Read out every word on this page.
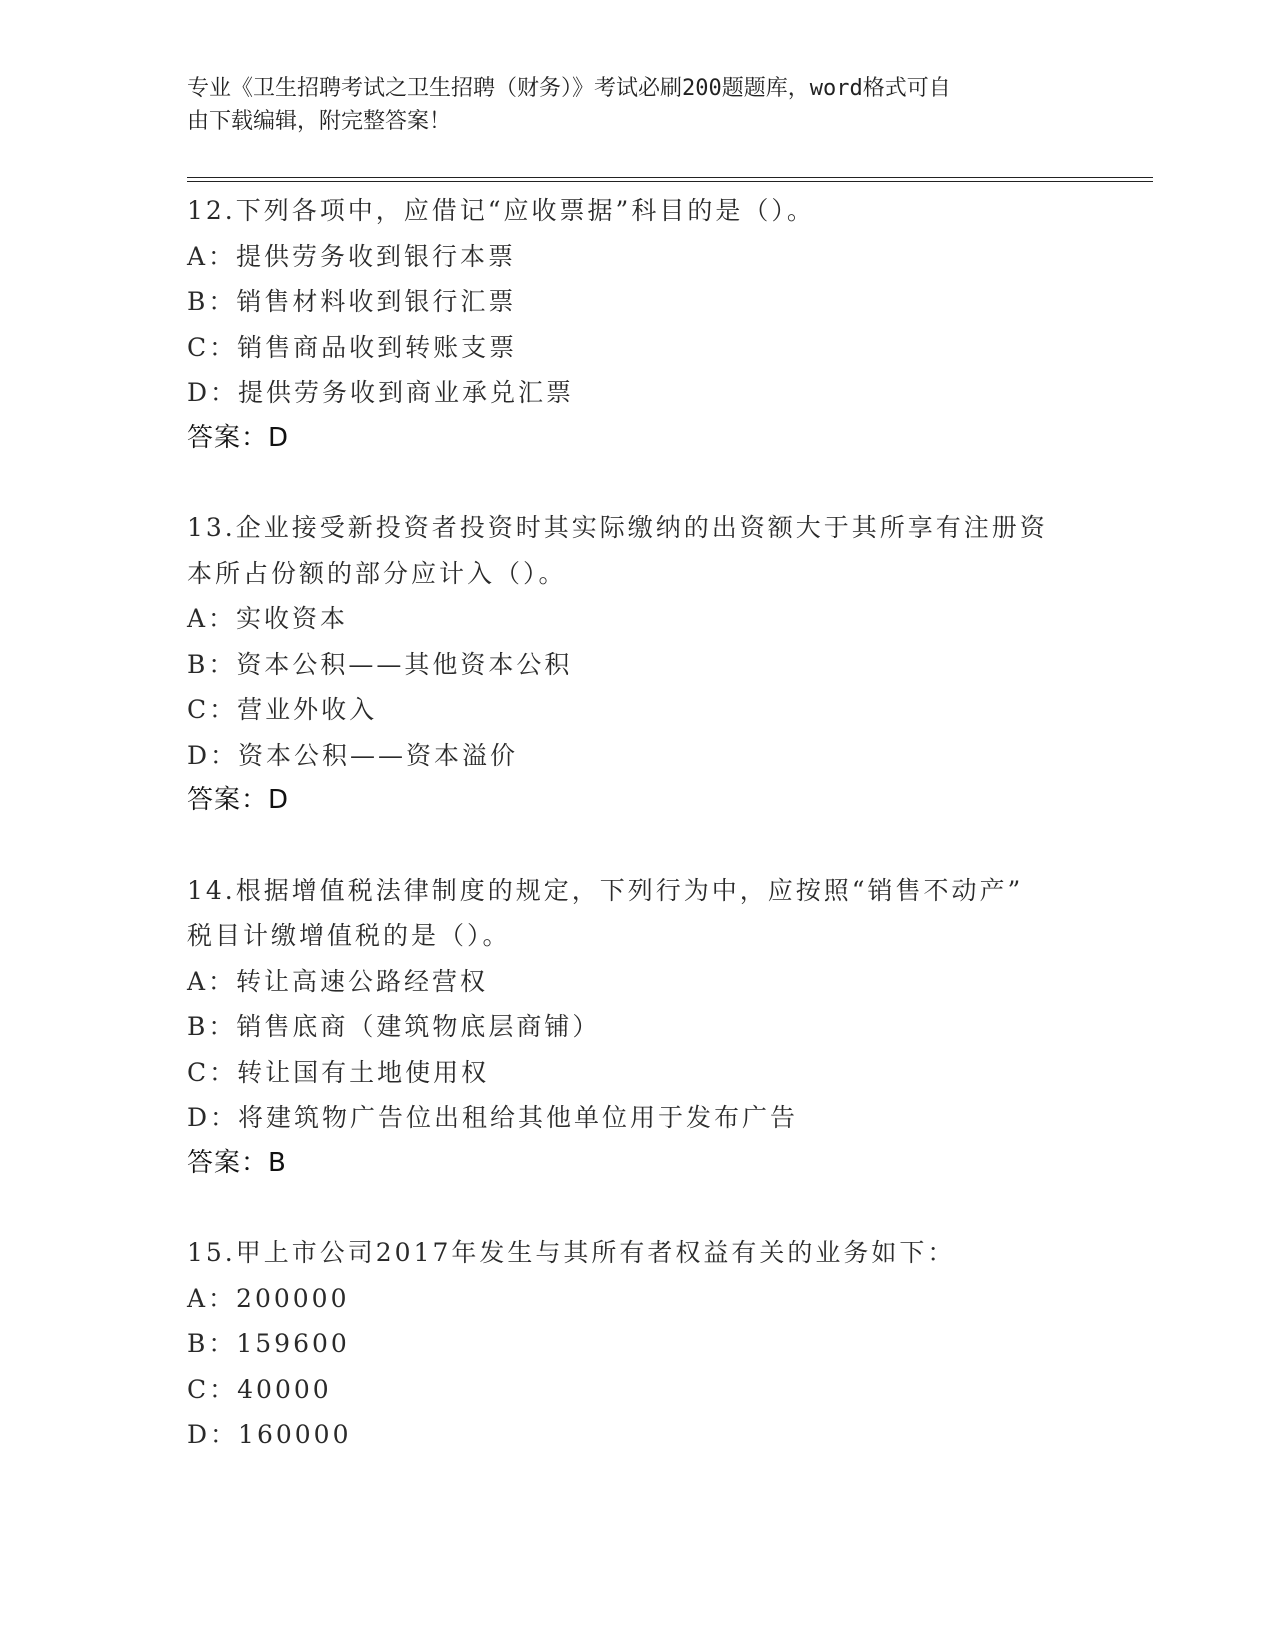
专业《卫生招聘考试之卫生招聘（财务）》考试必刷200题题库，word格式可自
由下载编辑，附完整答案！
12.下列各项中，应借记“应收票据”科目的是（）。
A：提供劳务收到银行本票
B：销售材料收到银行汇票
C：销售商品收到转账支票
D：提供劳务收到商业承兑汇票
答案：D
13.企业接受新投资者投资时其实际缴纳的出资额大于其所享有注册资
本所占份额的部分应计入（）。
A：实收资本
B：资本公积——其他资本公积
C：营业外收入
D：资本公积——资本溢价
答案：D
14.根据增值税法律制度的规定，下列行为中，应按照“销售不动产”
税目计缴增值税的是（）。
A：转让高速公路经营权
B：销售底商（建筑物底层商铺）
C：转让国有土地使用权
D：将建筑物广告位出租给其他单位用于发布广告
答案：B
15.甲上市公司2017年发生与其所有者权益有关的业务如下：
A：200000
B：159600
C：40000
D：160000
